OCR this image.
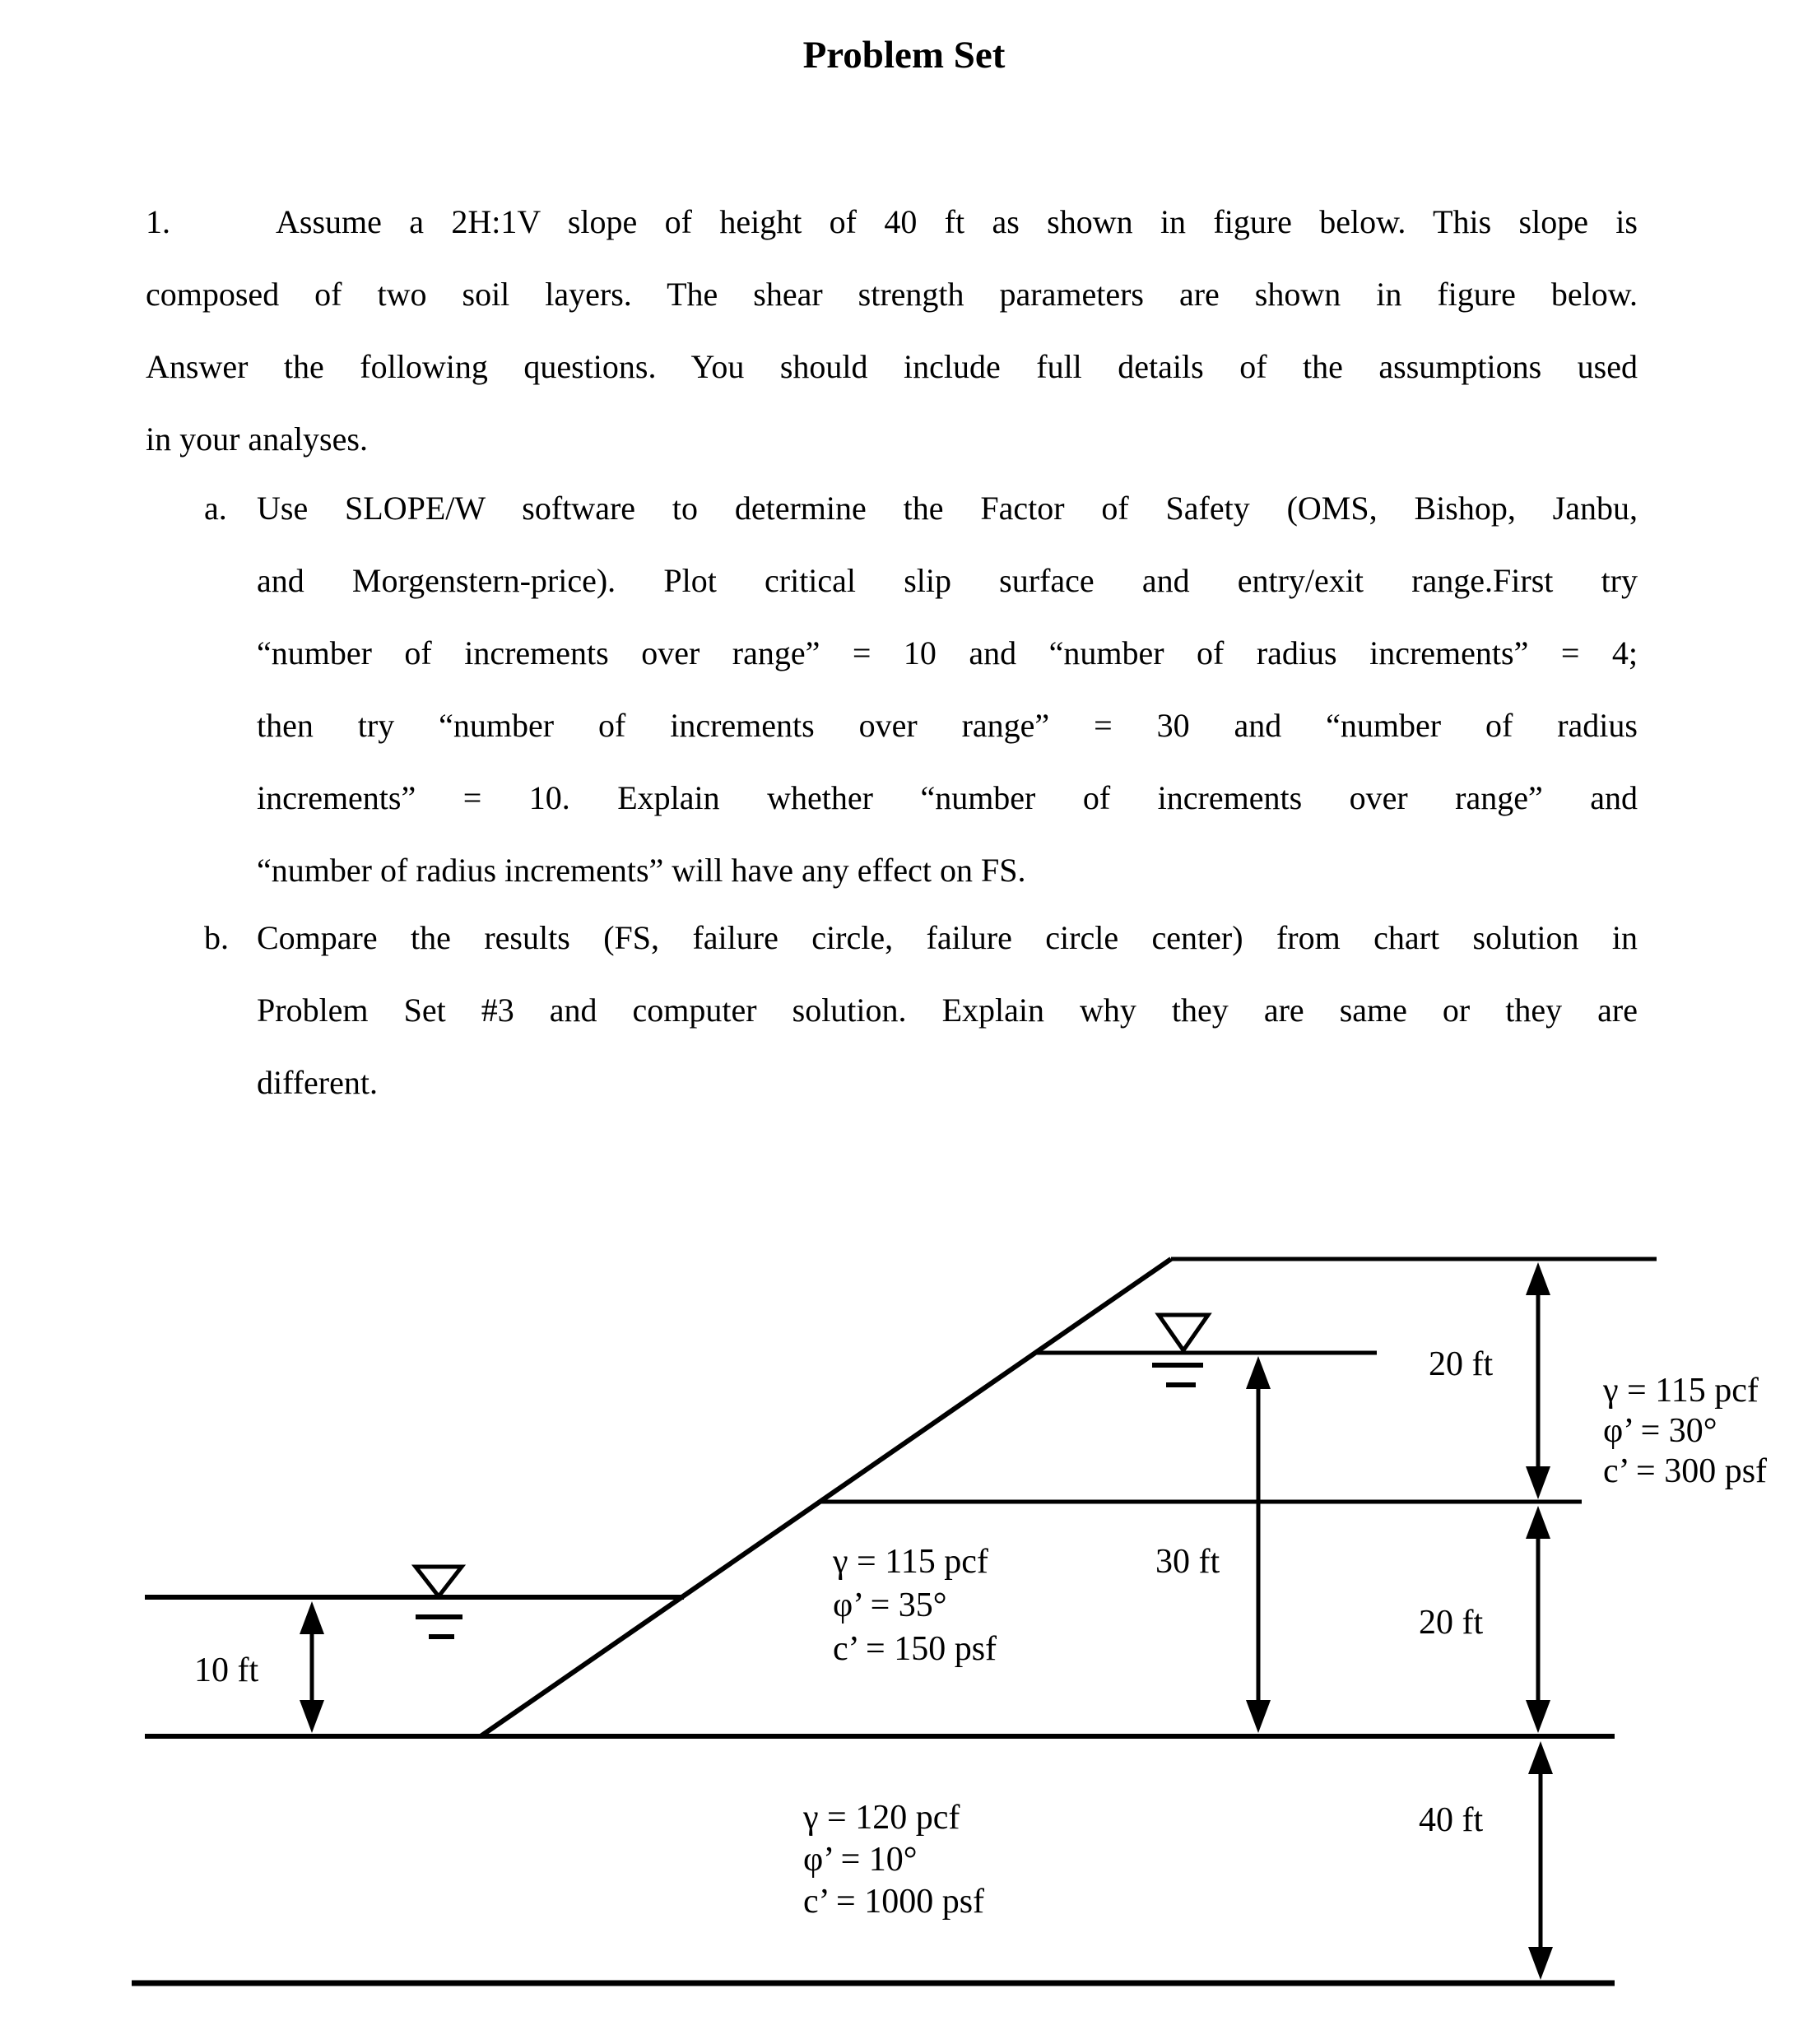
Problem Set
1.	Assume a 2H:1V slope of height of 40 ft as shown in figure below. This slope is
composed of two soil layers. The shear strength parameters are shown in figure below.
Answer the following questions. You should include full details of the assumptions used
in your analyses.
a. Use SLOPE/W software to determine the Factor of Safety (OMS, Bishop, Janbu,
and Morgenstern-price). Plot critical slip surface and entry/exit range.First try
“number of increments over range” = 10 and “number of radius increments” = 4;
then try “number of increments over range” = 30 and “number of radius
increments” = 10. Explain whether “number of increments over range” and
“number of radius increments” will have any effect on FS.
b. Compare the results (FS, failure circle, failure circle center) from chart solution in
Problem Set #3 and computer solution. Explain why they are same or they are
different.
20 ft
30 ft
20 ft
40 ft
10 ft
γ = 115 pcf
φ’ = 30°
c’ = 300 psf
γ = 115 pcf
φ’ = 35°
c’ = 150 psf
γ = 120 pcf
φ’ = 10°
c’ = 1000 psf
